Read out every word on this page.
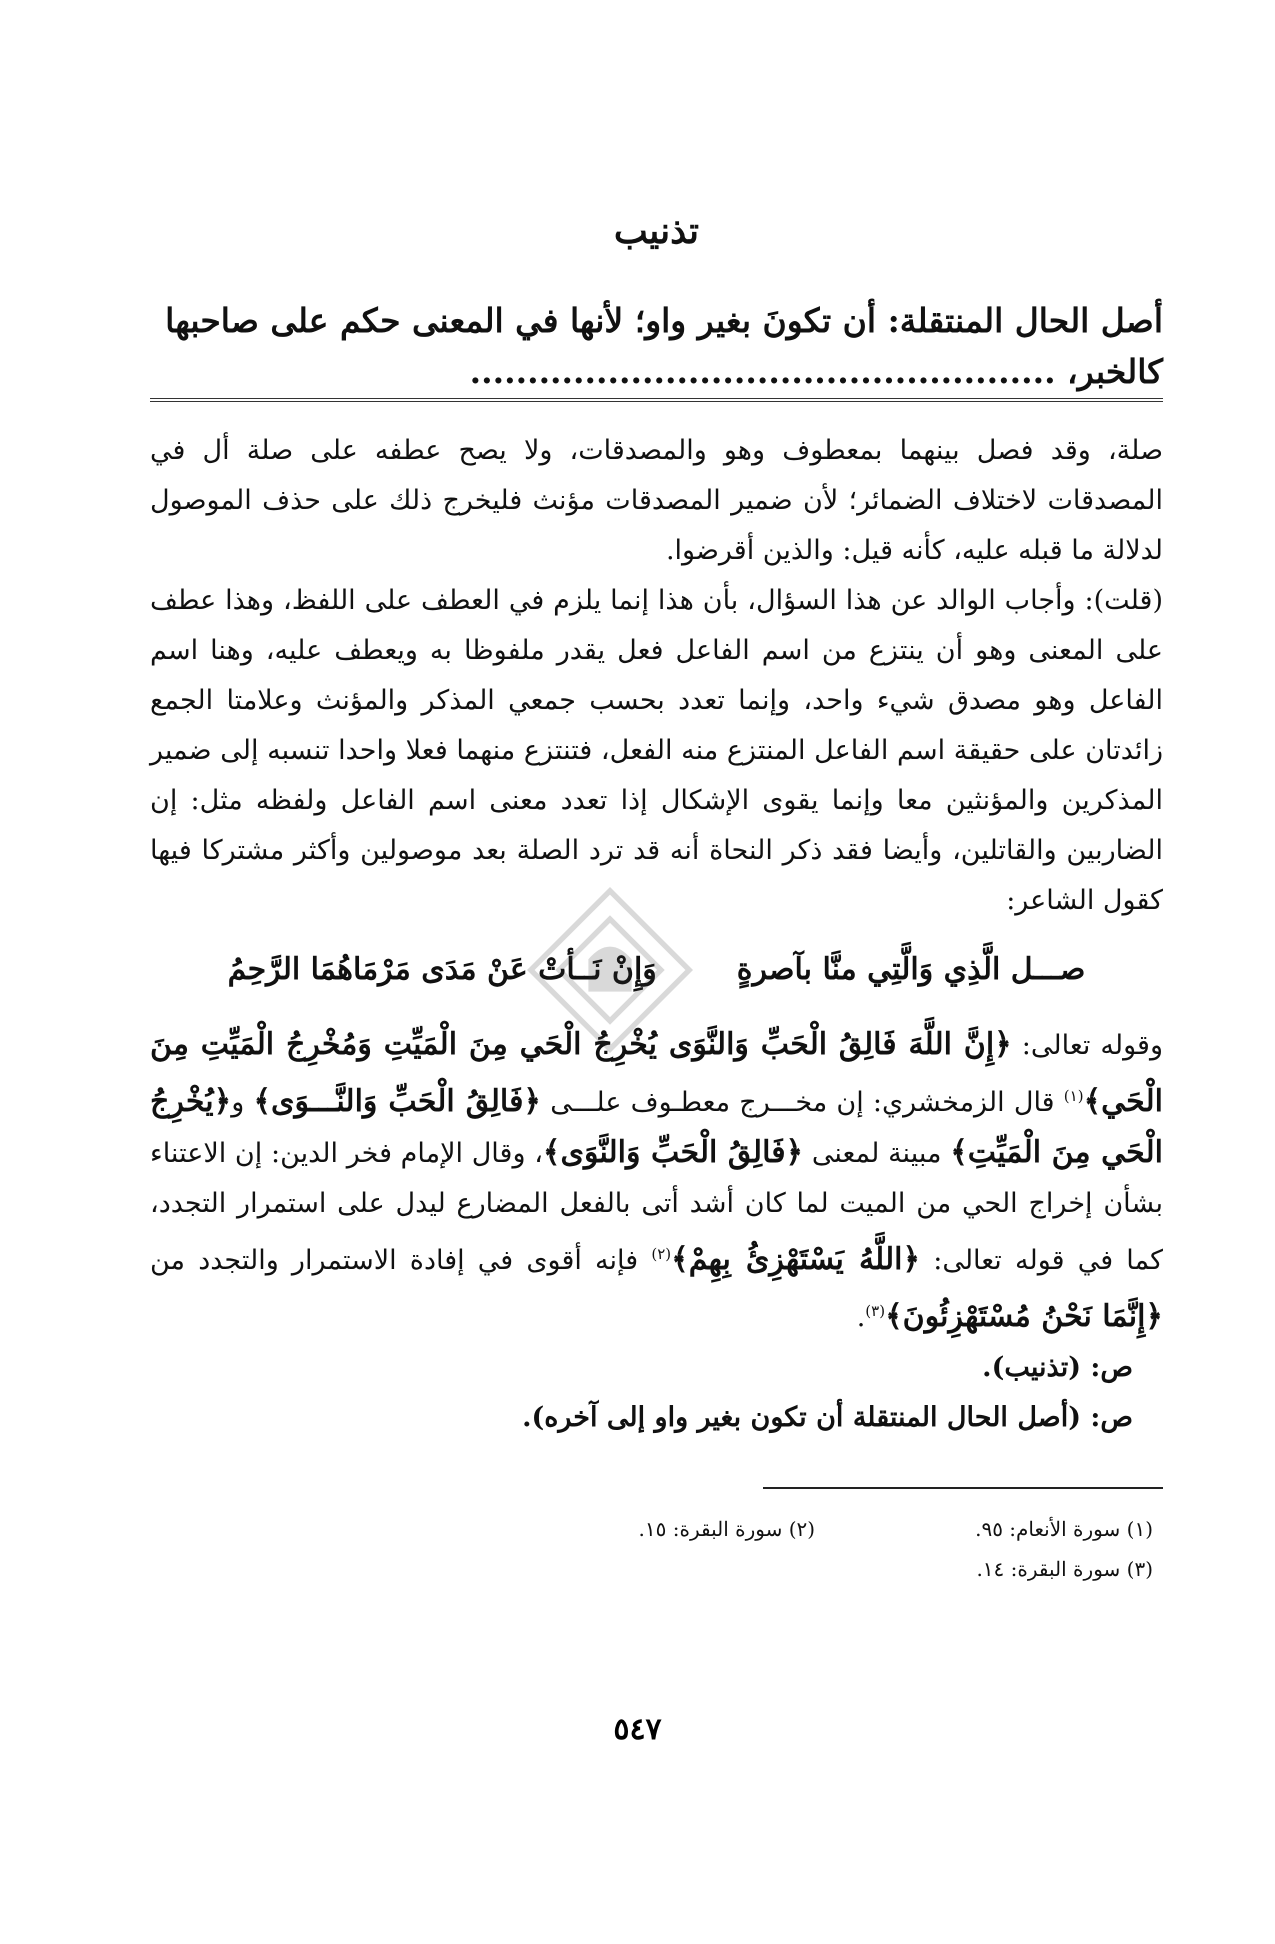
تذنيب

أصل الحال المنتقلة: أن تكونَ بغير واو؛ لأنها في المعنى حكم على صاحبها

كالخبر، ...................................................

صلة، وقد فصل بينهما بمعطوف وهو والمصدقات، ولا يصح عطفه على صلة أل في المصدقات لاختلاف الضمائر؛ لأن ضمير المصدقات مؤنث فليخرج ذلك على حذف الموصول لدلالة ما قبله عليه، كأنه قيل: والذين أقرضوا.

(قلت): وأجاب الوالد عن هذا السؤال، بأن هذا إنما يلزم في العطف على اللفظ، وهذا عطف على المعنى وهو أن ينتزع من اسم الفاعل فعل يقدر ملفوظا به ويعطف عليه، وهنا اسم الفاعل وهو مصدق شيء واحد، وإنما تعدد بحسب جمعي المذكر والمؤنث وعلامتا الجمع زائدتان على حقيقة اسم الفاعل المنتزع منه الفعل، فتنتزع منهما فعلا واحدا تنسبه إلى ضمير المذكرين والمؤنثين معا وإنما يقوى الإشكال إذا تعدد معنى اسم الفاعل ولفظه مثل: إن الضاربين والقاتلين، وأيضا فقد ذكر النحاة أنه قد ترد الصلة بعد موصولين وأكثر مشتركا فيها كقول الشاعر:

صـــل الَّذِي وَالَّتِي منَّا بآصرةٍ
وَإِنْ نَــأتْ عَنْ مَدَى مَرْمَاهُمَا الرَّحِمُ

وقوله تعالى: ﴿إِنَّ اللَّهَ فَالِقُ الْحَبِّ وَالنَّوَى يُخْرِجُ الْحَي مِنَ الْمَيِّتِ وَمُخْرِجُ الْمَيِّتِ مِنَ الْحَي﴾$^{(١)}$ قال الزمخشري: إن مخـــرج معطـوف علـــى ﴿فَالِقُ الْحَبِّ وَالنَّـــوَى﴾ و﴿يُخْرِجُ الْحَي مِنَ الْمَيِّتِ﴾ مبينة لمعنى ﴿فَالِقُ الْحَبِّ وَالنَّوَى﴾، وقال الإمام فخر الدين: إن الاعتناء بشأن إخراج الحي من الميت لما كان أشد أتى بالفعل المضارع ليدل على استمرار التجدد، كما في قوله تعالى: ﴿اللَّهُ يَسْتَهْزِئُ بِهِمْ﴾$^{(٢)}$ فإنه أقوى في إفادة الاستمرار والتجدد من ﴿إِنَّمَا نَحْنُ مُسْتَهْزِئُونَ﴾$^{(٣)}$.

ص: (تذنيب).

ص: (أصل الحال المنتقلة أن تكون بغير واو إلى آخره).

(١) سورة الأنعام: ٩٥.
(٢) سورة البقرة: ١٥.
(٣) سورة البقرة: ١٤.
٥٤٧
